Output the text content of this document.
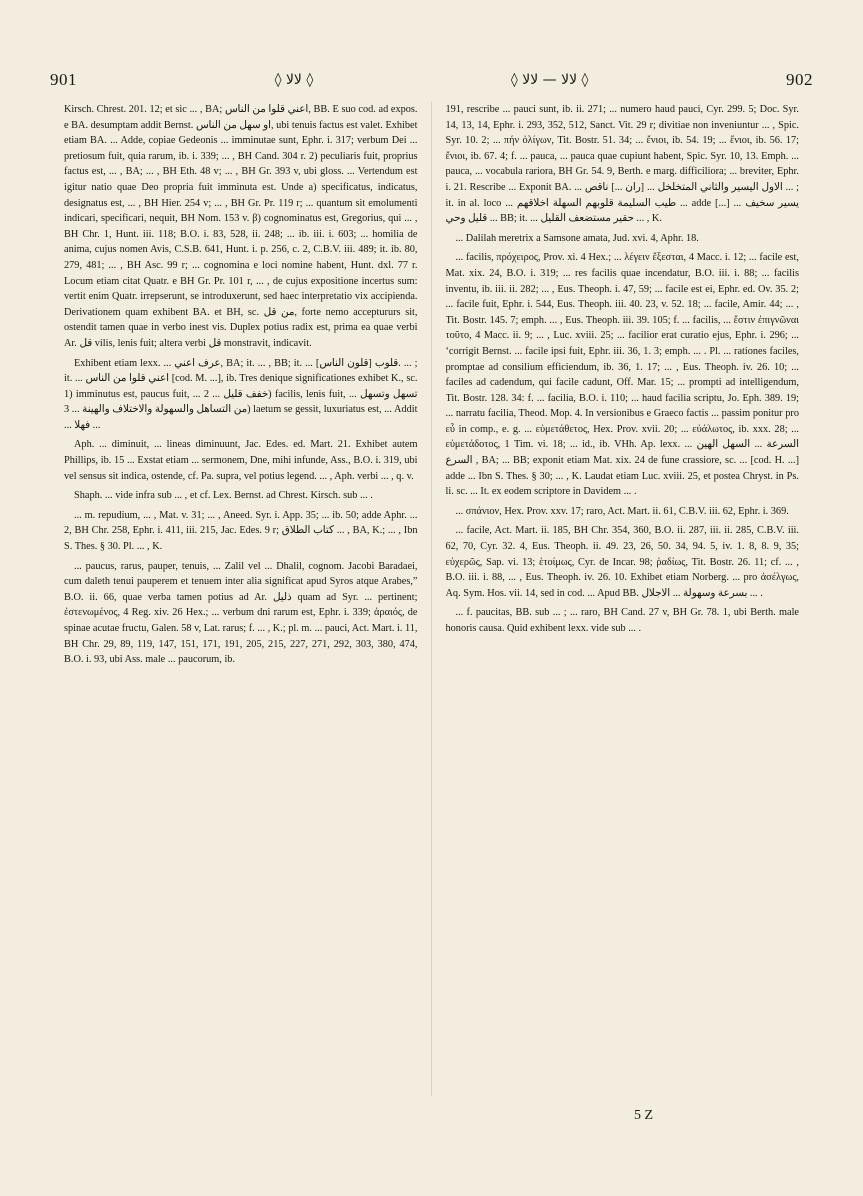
901	◊ لالا ◊	◊ لالا — لالا ◊	902

Kirsch. Chrest. 201. 12; et sic ... , BA; اعني قلوا من الناس, BB. E suo cod. ad expos. e BA. desumptam addit Bernst. او سهل من الناس, ubi tenuis factus est valet. Exhibet etiam BA. ... Adde, copiae Gedeonis ... imminutae sunt, Ephr. i. 317; verbum Dei ... pretiosum fuit, quia rarum, ib. i. 339; ... , BH Cand. 304 r. 2) peculiaris fuit, proprius factus est, ... , BA; ... , BH Eth. 48 v; ... , BH Gr. 393 v, ubi gloss. ... Vertendum est igitur natio quae Deo propria fuit imminuta est. Unde a) specificatus, indicatus, designatus est, ... , BH Hier. 254 v; ... , BH Gr. Pr. 119 r; ... quantum sit emolumenti indicari, specificari, nequit, BH Nom. 153 v. β) cognominatus est, Gregorius, qui ... , BH Chr. 1, Hunt. iii. 118; B.O. i. 83, 528, ii. 248; ... ib. iii. i. 603; ... homilia de anima, cujus nomen Avis, C.S.B. 641, Hunt. i. p. 256, c. 2, C.B.V. iii. 489; it. ib. 80, 279, 481; ... , BH Asc. 99 r; ... cognomina e loci nomine habent, Hunt. dxl. 77 r. Locum etiam citat Quatr. e BH Gr. Pr. 101 r, ... , de cujus expositione incertus sum: vertit enim Quatr. irrepserunt, se introduxerunt, sed haec interpretatio vix accipienda. Derivationem quam exhibent BA. et BH, sc. من قل, forte nemo acceptururs sit, ostendit tamen quae in verbo inest vis. Duplex potius radix est, prima ea quae verbi Ar. قل vilis, lenis fuit; altera verbi قل monstravit, indicavit.

Exhibent etiam lexx. ... عرف اعني, BA; it. ... , BB; it. ... قلوب [قلون الناس]. ... ; it. ... اعني قلوا من الناس [cod. M. ...], ib. Tres denique significationes exhibet K., sc. 1) imminutus est, paucus fuit, ... خفف قليل ... 2) facilis, lenis fuit, ... تسهل وتسهل من التساهل والسهولة والاختلاف والهينة ... 3) laetum se gessit, luxuriatus est, ... Addit ... فهلا ...

Aph. ... diminuit, ... lineas diminuunt, Jac. Edes. ed. Mart. 21. Exhibet autem Phillips, ib. 15 ... Exstat etiam ... sermonem, Dne, mihi infunde, Ass., B.O. i. 319, ubi vel sensus sit indica, ostende, cf. Pa. supra, vel potius legend. ... , Aph. verbi ... , q. v.

Shaph. ... vide infra sub ... , et cf. Lex. Bernst. ad Chrest. Kirsch. sub ... .

... m. repudium, ... , Mat. v. 31; ... , Aneed. Syr. i. App. 35; ... ib. 50; adde Aphr. ... 2, BH Chr. 258, Ephr. i. 411, iii. 215, Jac. Edes. 9 r; كتاب الطلاق ... , BA, K.; ... , Ibn S. Thes. § 30. Pl. ... , K.

... paucus, rarus, pauper, tenuis, ... Zalil vel ... Dhalil, cognom. Jacobi Baradaei, cum daleth tenui pauperem et tenuem inter alia significat apud Syros atque Arabes,” B.O. ii. 66, quae verba tamen potius ad Ar. ذليل quam ad Syr. ... pertinent; ἐστενωμένος, 4 Reg. xiv. 26 Hex.; ... verbum dni rarum est, Ephr. i. 339; ἀραιός, de spinae acutae fructu, Galen. 58 v, Lat. rarus; f. ... , K.; pl. m. ... pauci, Act. Mart. i. 11, BH Chr. 29, 89, 119, 147, 151, 171, 191, 205, 215, 227, 271, 292, 303, 380, 474, B.O. i. 93, ubi Ass. male ... paucorum, ib.

191, rescribe ... pauci sunt, ib. ii. 271; ... numero haud pauci, Cyr. 299. 5; Doc. Syr. 14, 13, 14, Ephr. i. 293, 352, 512, Sanct. Vit. 29 r; divitiae non inveniuntur ... , Spic. Syr. 10. 2; ... πήν ὀλίγων, Tit. Bostr. 51. 34; ... ἔνιοι, ib. 54. 19; ... ἔνιοι, ib. 56. 17; ἔνιοι, ib. 67. 4; f. ... pauca, ... pauca quae cupiunt habent, Spic. Syr. 10, 13. Emph. ... pauca, ... vocabula rariora, BH Gr. 54. 9, Berth. e marg. difficiliora; ... breviter, Ephr. i. 21. Rescribe ... Exponit BA. ... الاول اليسير والثاني المتخلخل ... [ران ...] ناقص ... ; it. in al. loco ... طيب السليمة قلوبهم السهلة اخلاقهم ... adde [...] ... يسير سخيف قليل وحي ... BB; it. ... حقير مستضعف القليل ... , K.

... Dalilah meretrix a Samsone amata, Jud. xvi. 4, Aphr. 18.

... facilis, πρόχειρος, Prov. xi. 4 Hex.; ... λέγειν ἔξεσται, 4 Macc. i. 12; ... facile est, Mat. xix. 24, B.O. i. 319; ... res facilis quae incendatur, B.O. iii. i. 88; ... facilis inventu, ib. iii. ii. 282; ... , Eus. Theoph. i. 47, 59; ... facile est ei, Ephr. ed. Ov. 35. 2; ... facile fuit, Ephr. i. 544, Eus. Theoph. iii. 40. 23, v. 52. 18; ... facile, Amir. 44; ... , Tit. Bostr. 145. 7; emph. ... , Eus. Theoph. iii. 39. 105; f. ... facilis, ... ἔστιν ἐπιγνῶναι τοῦτο, 4 Macc. ii. 9; ... , Luc. xviii. 25; ... facilior erat curatio ejus, Ephr. i. 296; ... ‘corrigit Bernst. ... facile ipsi fuit, Ephr. iii. 36, 1. 3; emph. ... . Pl. ... rationes faciles, promptae ad consilium efficiendum, ib. 36, 1. 17; ... , Eus. Theoph. iv. 26. 10; ... faciles ad cadendum, qui facile cadunt, Off. Mar. 15; ... prompti ad intelligendum, Tit. Bostr. 128. 34: f. ... facilia, B.O. i. 110; ... haud facilia scriptu, Jo. Eph. 389. 19; ... narratu facilia, Theod. Mop. 4. In versionibus e Graeco factis ... passim ponitur pro εὖ in comp., e. g. ... εὐμετάθετος, Hex. Prov. xvii. 20; ... εὐάλωτος, ib. xxx. 28; ... εὐμετάδοτος, 1 Tim. vi. 18; ... id., ib. VHh. Ap. lexx. السرعة ... السهل الهين ... السرع , BA; ... BB; exponit etiam Mat. xix. 24 de fune crassiore, sc. ... [cod. H. ...] adde ... Ibn S. Thes. § 30; ... , K. Laudat etiam Luc. xviii. 25, et postea Chryst. in Ps. li. sc. ... It. ex eodem scriptore in Davidem ... .

... σπάνιον, Hex. Prov. xxv. 17; raro, Act. Mart. ii. 61, C.B.V. iii. 62, Ephr. i. 369.

... facile, Act. Mart. ii. 185, BH Chr. 354, 360, B.O. ii. 287, iii. ii. 285, C.B.V. iii. 62, 70, Cyr. 32. 4, Eus. Theoph. ii. 49. 23, 26, 50. 34, 94. 5, iv. 1. 8, 8. 9, 35; εὐχερῶς, Sap. vi. 13; ἑτοίμως, Cyr. de Incar. 98; ῥαδίως, Tit. Bostr. 26. 11; cf. ... , B.O. iii. i. 88, ... , Eus. Theoph. iv. 26. 10. Exhibet etiam Norberg. ... pro ἀσέλγως, Aq. Sym. Hos. vii. 14, sed in cod. ... Apud BB. بسرعة وسهولة ... الاجلال ... .

... f. paucitas, BB. sub ... ; ... raro, BH Cand. 27 v, BH Gr. 78. 1, ubi Berth. male honoris causa. Quid exhibent lexx. vide sub ... .

5 Z
